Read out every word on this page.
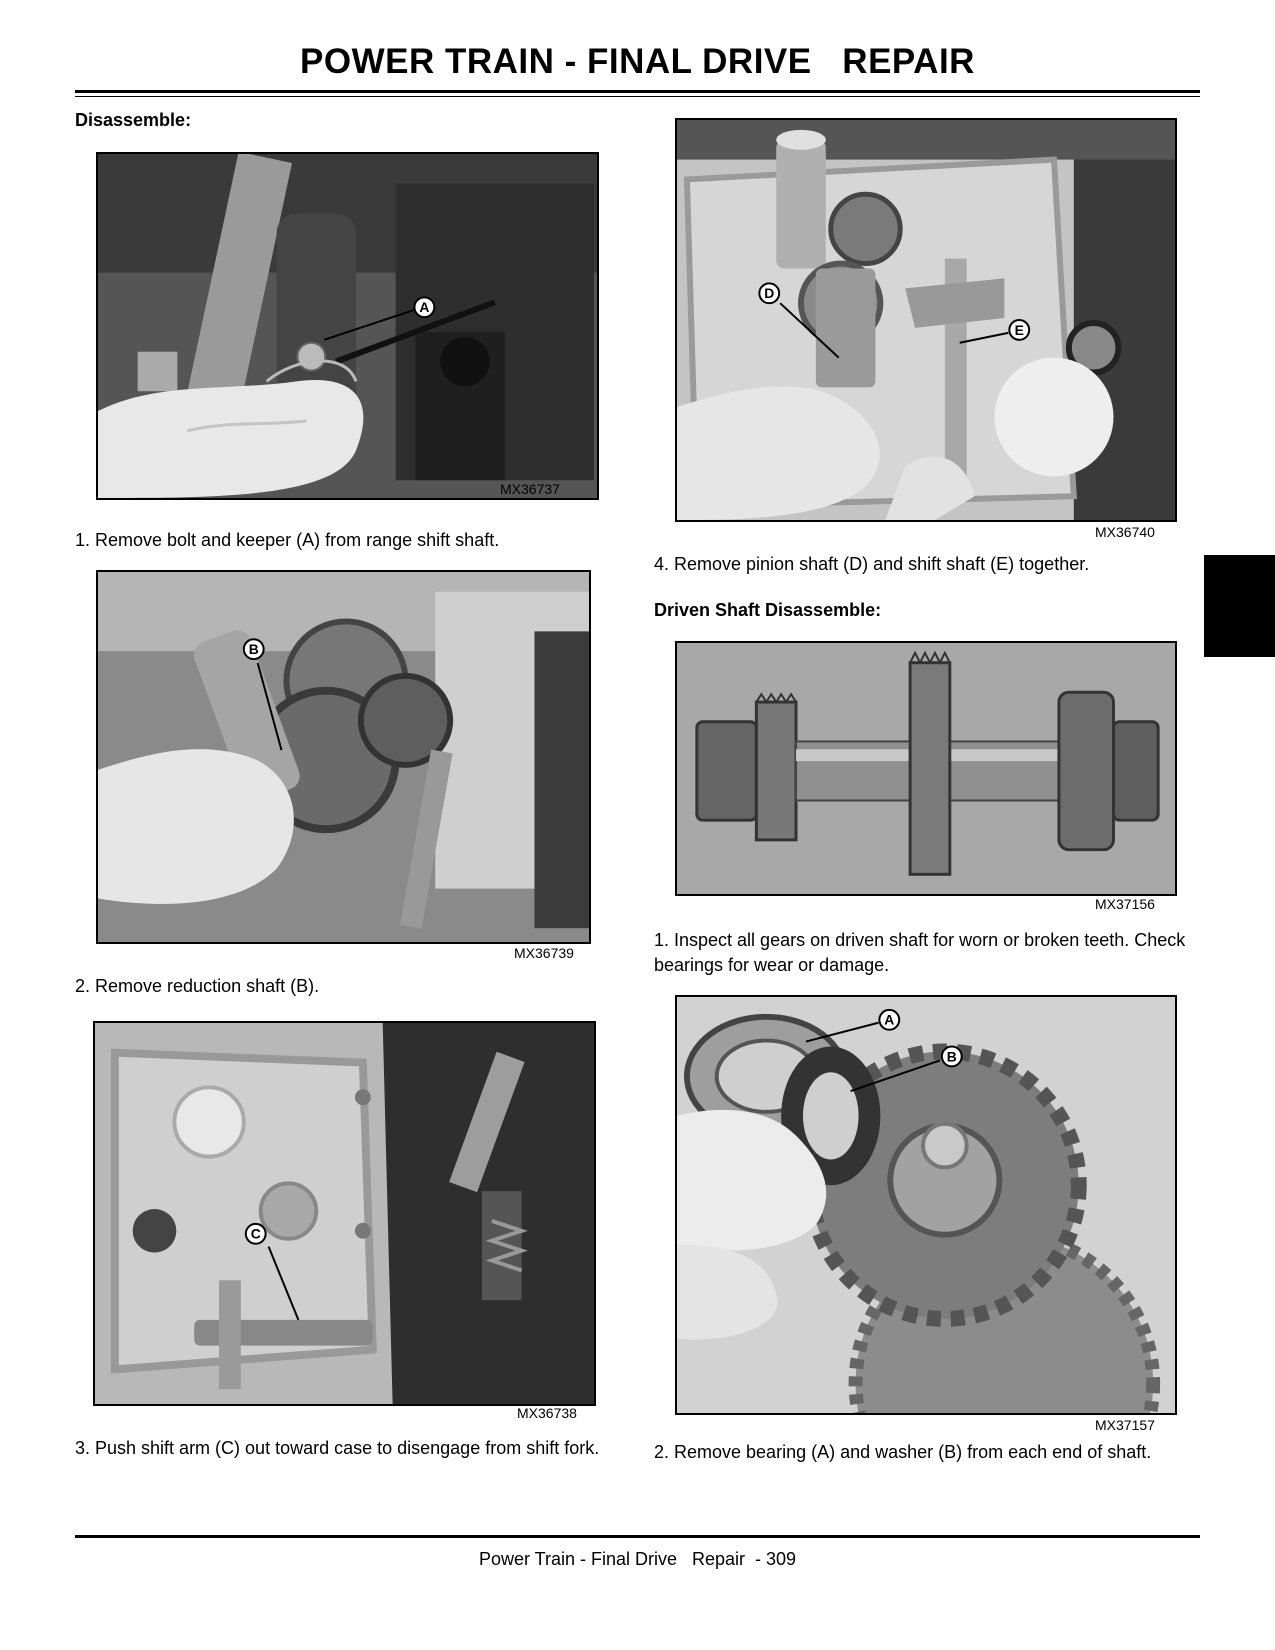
POWER TRAIN - FINAL DRIVE   REPAIR
Disassemble:
A
MX36737
1. Remove bolt and keeper (A) from range shift shaft.
B
MX36739
2. Remove reduction shaft (B).
C
MX36738
3. Push shift arm (C) out toward case to disengage from shift fork.
D
E
MX36740
4. Remove pinion shaft (D) and shift shaft (E) together.
Driven Shaft Disassemble:
MX37156
1. Inspect all gears on driven shaft for worn or broken teeth. Check bearings for wear or damage.
A
B
MX37157
2. Remove bearing (A) and washer (B) from each end of shaft.
Power Train - Final Drive   Repair  - 309
